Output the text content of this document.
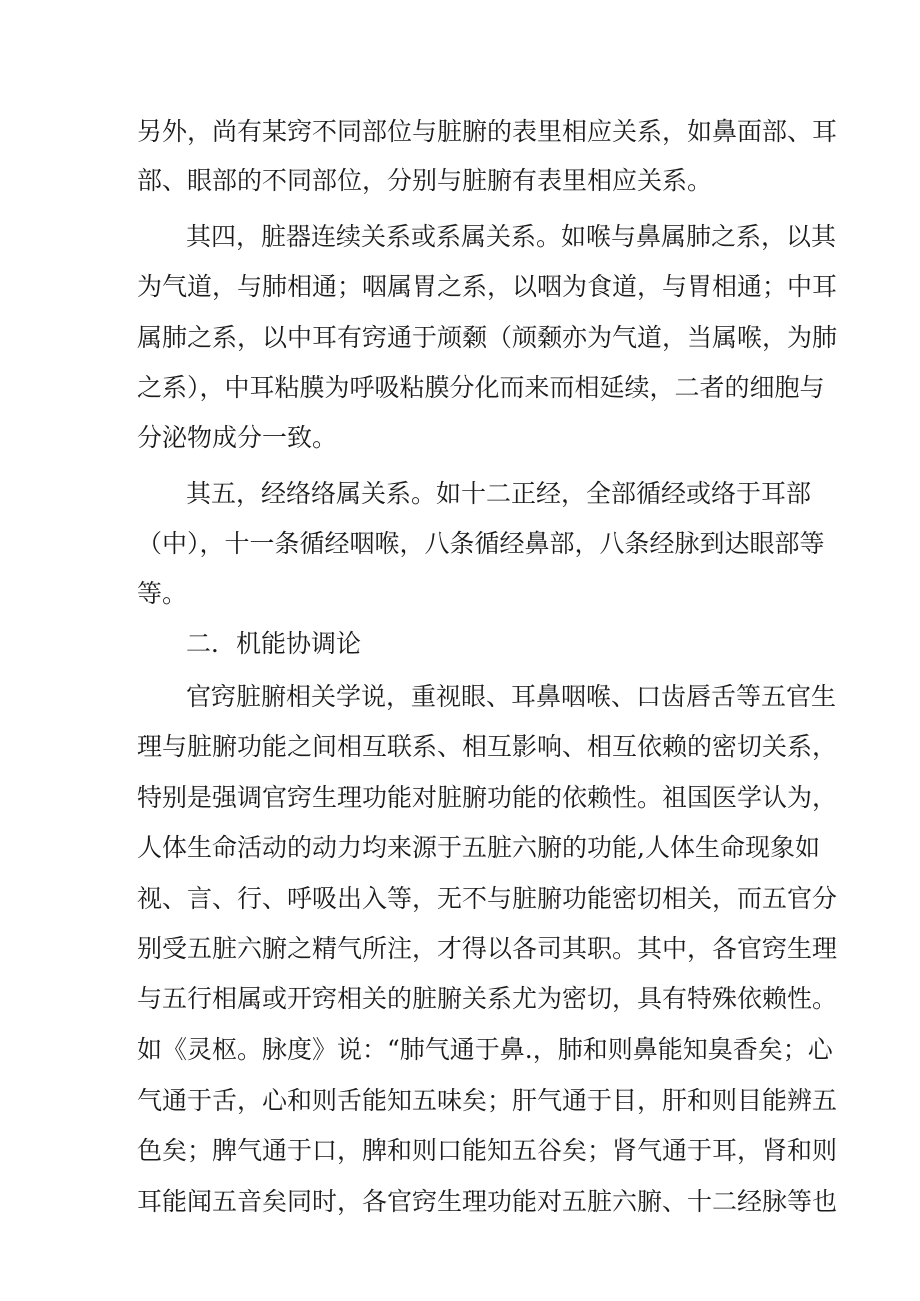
另外，尚有某窍不同部位与脏腑的表里相应关系，如鼻面部、耳
部、眼部的不同部位，分别与脏腑有表里相应关系。
其四，脏器连续关系或系属关系。如喉与鼻属肺之系，以其
为气道，与肺相通；咽属胃之系，以咽为食道，与胃相通；中耳
属肺之系，以中耳有窍通于颃颡（颃颡亦为气道，当属喉，为肺
之系），中耳粘膜为呼吸粘膜分化而来而相延续，二者的细胞与
分泌物成分一致。
其五，经络络属关系。如十二正经，全部循经或络于耳部
（中），十一条循经咽喉，八条循经鼻部，八条经脉到达眼部等
等。
二．机能协调论
官窍脏腑相关学说，重视眼、耳鼻咽喉、口齿唇舌等五官生
理与脏腑功能之间相互联系、相互影响、相互依赖的密切关系，
特别是强调官窍生理功能对脏腑功能的依赖性。祖国医学认为，
人体生命活动的动力均来源于五脏六腑的功能,人体生命现象如
视、言、行、呼吸出入等，无不与脏腑功能密切相关，而五官分
别受五脏六腑之精气所注，才得以各司其职。其中，各官窍生理
与五行相属或开窍相关的脏腑关系尤为密切，具有特殊依赖性。
如《灵枢。脉度》说：“肺气通于鼻.，肺和则鼻能知臭香矣；心
气通于舌，心和则舌能知五味矣；肝气通于目，肝和则目能辨五
色矣；脾气通于口，脾和则口能知五谷矣；肾气通于耳，肾和则
耳能闻五音矣同时，各官窍生理功能对五脏六腑、十二经脉等也
